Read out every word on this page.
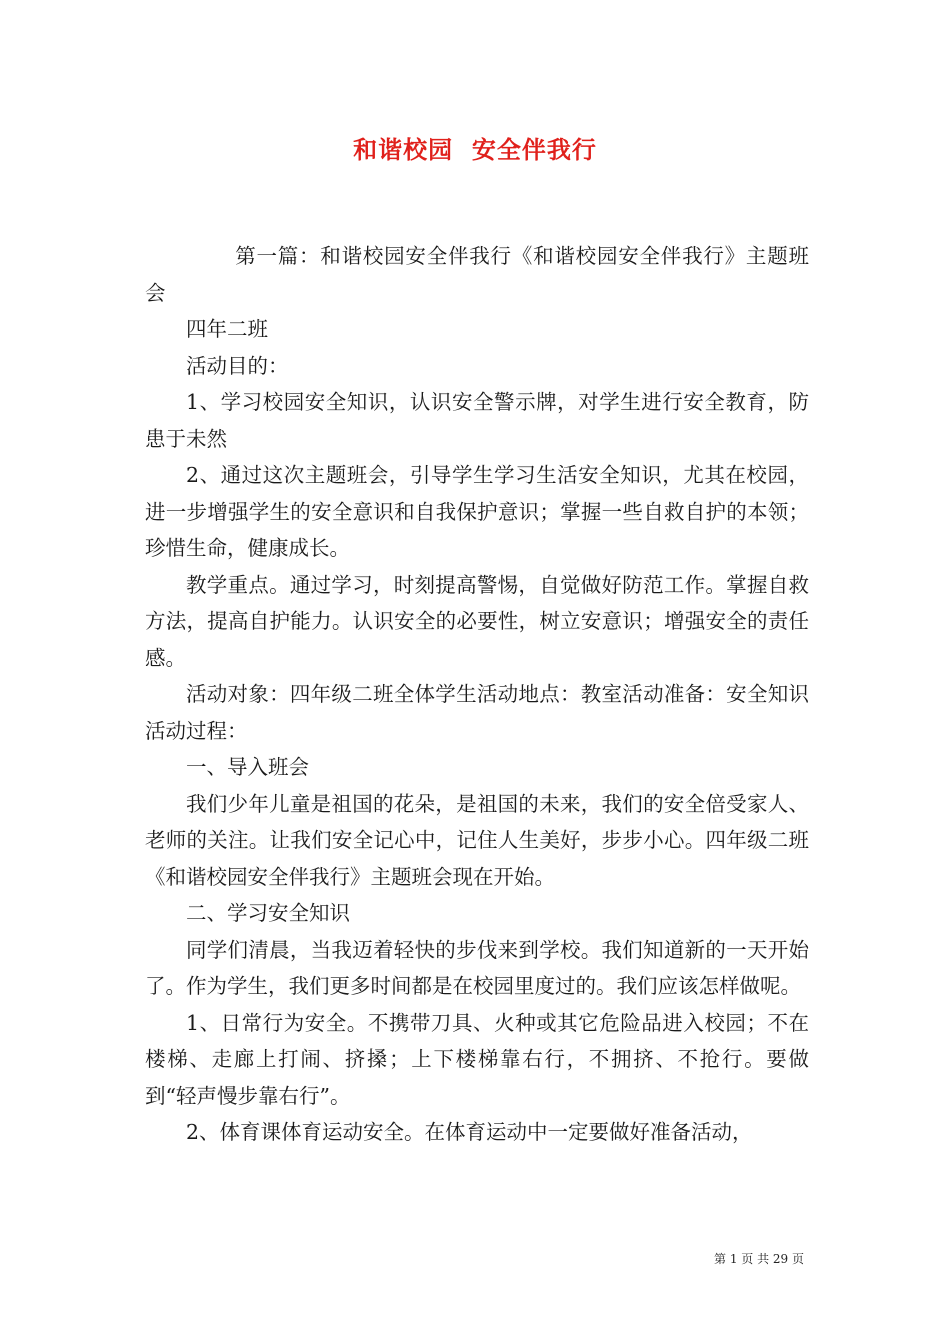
和谐校园  安全伴我行

第一篇：和谐校园安全伴我行《和谐校园安全伴我行》主题班会

四年二班

活动目的：

1、学习校园安全知识，认识安全警示牌，对学生进行安全教育，防患于未然

2、通过这次主题班会，引导学生学习生活安全知识，尤其在校园，进一步增强学生的安全意识和自我保护意识；掌握一些自救自护的本领；珍惜生命，健康成长。

教学重点。通过学习，时刻提高警惕，自觉做好防范工作。掌握自救方法，提高自护能力。认识安全的必要性，树立安意识；增强安全的责任感。

活动对象：四年级二班全体学生活动地点：教室活动准备：安全知识活动过程：

一、导入班会

我们少年儿童是祖国的花朵，是祖国的未来，我们的安全倍受家人、老师的关注。让我们安全记心中，记住人生美好，步步小心。四年级二班《和谐校园安全伴我行》主题班会现在开始。

二、学习安全知识

同学们清晨，当我迈着轻快的步伐来到学校。我们知道新的一天开始了。作为学生，我们更多时间都是在校园里度过的。我们应该怎样做呢。

1、日常行为安全。不携带刀具、火种或其它危险品进入校园；不在楼梯、走廊上打闹、挤搡；上下楼梯靠右行，不拥挤、不抢行。要做到“轻声慢步靠右行”。

2、体育课体育运动安全。在体育运动中一定要做好准备活动，

第 1 页 共 29 页
